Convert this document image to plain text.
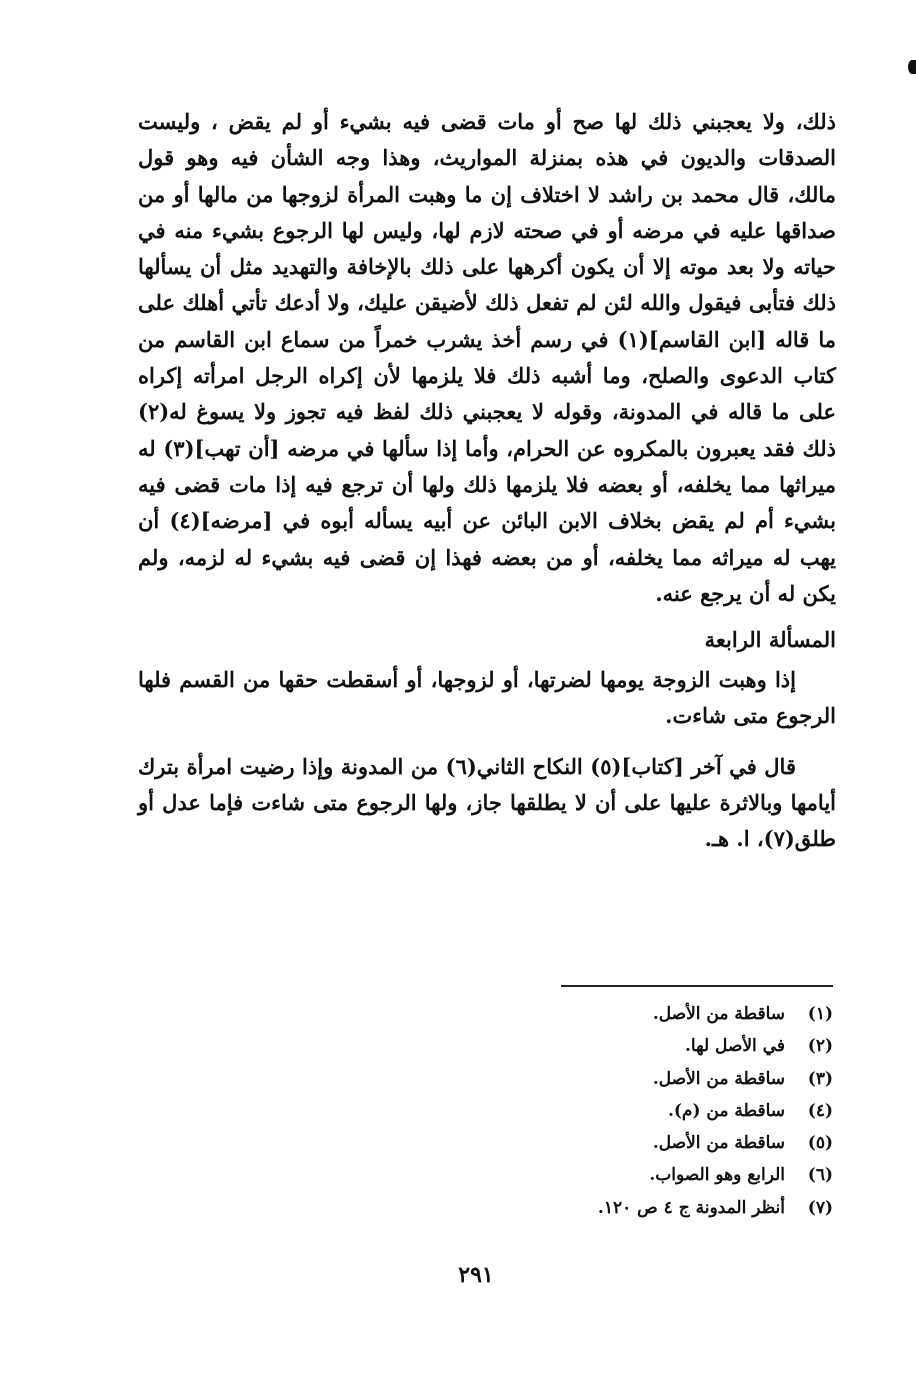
ذلك، ولا يعجبني ذلك لها صح أو مات قضى فيه بشيء أو لم يقض ، وليست الصدقات والديون في هذه بمنزلة المواريث، وهذا وجه الشأن فيه وهو قول مالك، قال محمد بن راشد لا اختلاف إن ما وهبت المرأة لزوجها من مالها أو من صداقها عليه في مرضه أو في صحته لازم لها، وليس لها الرجوع بشيء منه في حياته ولا بعد موته إلا أن يكون أكرهها على ذلك بالإخافة والتهديد مثل أن يسألها ذلك فتأبى فيقول والله لئن لم تفعل ذلك لأضيقن عليك، ولا أدعك تأتي أهلك على ما قاله [ابن القاسم](١) في رسم أخذ يشرب خمراً من سماع ابن القاسم من كتاب الدعوى والصلح، وما أشبه ذلك فلا يلزمها لأن إكراه الرجل امرأته إكراه على ما قاله في المدونة، وقوله لا يعجبني ذلك لفظ فيه تجوز ولا يسوغ له(٢) ذلك فقد يعبرون بالمكروه عن الحرام، وأما إذا سألها في مرضه [أن تهب](٣) له ميراثها مما يخلفه، أو بعضه فلا يلزمها ذلك ولها أن ترجع فيه إذا مات قضى فيه بشيء أم لم يقض بخلاف الابن البائن عن أبيه يسأله أبوه في [مرضه](٤) أن يهب له ميراثه مما يخلفه، أو من بعضه فهذا إن قضى فيه بشيء له لزمه، ولم يكن له أن يرجع عنه.

المسألة الرابعة

إذا وهبت الزوجة يومها لضرتها، أو لزوجها، أو أسقطت حقها من القسم فلها الرجوع متى شاءت.

قال في آخر [كتاب](٥) النكاح الثاني(٦) من المدونة وإذا رضيت امرأة بترك أيامها وبالاثرة عليها على أن لا يطلقها جاز، ولها الرجوع متى شاءت فإما عدل أو طلق(٧)، ا. هـ.

(١)
ساقطة من الأصل.
(٢)
في الأصل لها.
(٣)
ساقطة من الأصل.
(٤)
ساقطة من (م).
(٥)
ساقطة من الأصل.
(٦)
الرابع وهو الصواب.
(٧)
أنظر المدونة ج ٤ ص ١٢٠.
٢٩١
